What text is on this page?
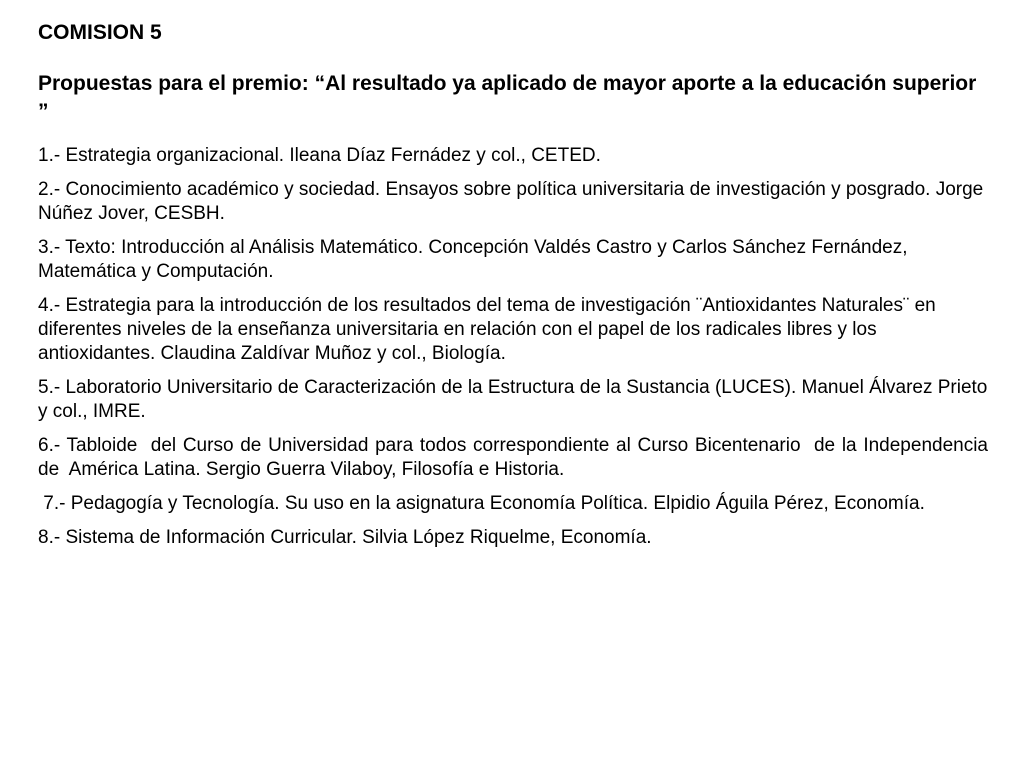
COMISION 5

Propuestas para el premio: “Al resultado ya aplicado de mayor aporte a la educación superior ”

1.- Estrategia organizacional. Ileana Díaz Fernádez y col., CETED.
2.- Conocimiento académico y sociedad. Ensayos sobre política universitaria de investigación y posgrado. Jorge Núñez Jover, CESBH.
3.- Texto: Introducción al Análisis Matemático. Concepción Valdés Castro y Carlos Sánchez Fernández, Matemática y Computación.
4.- Estrategia para la introducción de los resultados del tema de investigación ¨Antioxidantes Naturales¨ en diferentes niveles de la enseñanza universitaria en relación con el papel de los radicales libres y los antioxidantes. Claudina Zaldívar Muñoz y col., Biología.
5.- Laboratorio Universitario de Caracterización de la Estructura de la Sustancia (LUCES). Manuel Álvarez Prieto y col., IMRE.
6.- Tabloide  del Curso de Universidad para todos correspondiente al Curso Bicentenario  de la Independencia  de  América Latina. Sergio Guerra Vilaboy, Filosofía e Historia.
7.- Pedagogía y Tecnología. Su uso en la asignatura Economía Política. Elpidio Águila Pérez, Economía.
8.- Sistema de Información Curricular. Silvia López Riquelme, Economía.
